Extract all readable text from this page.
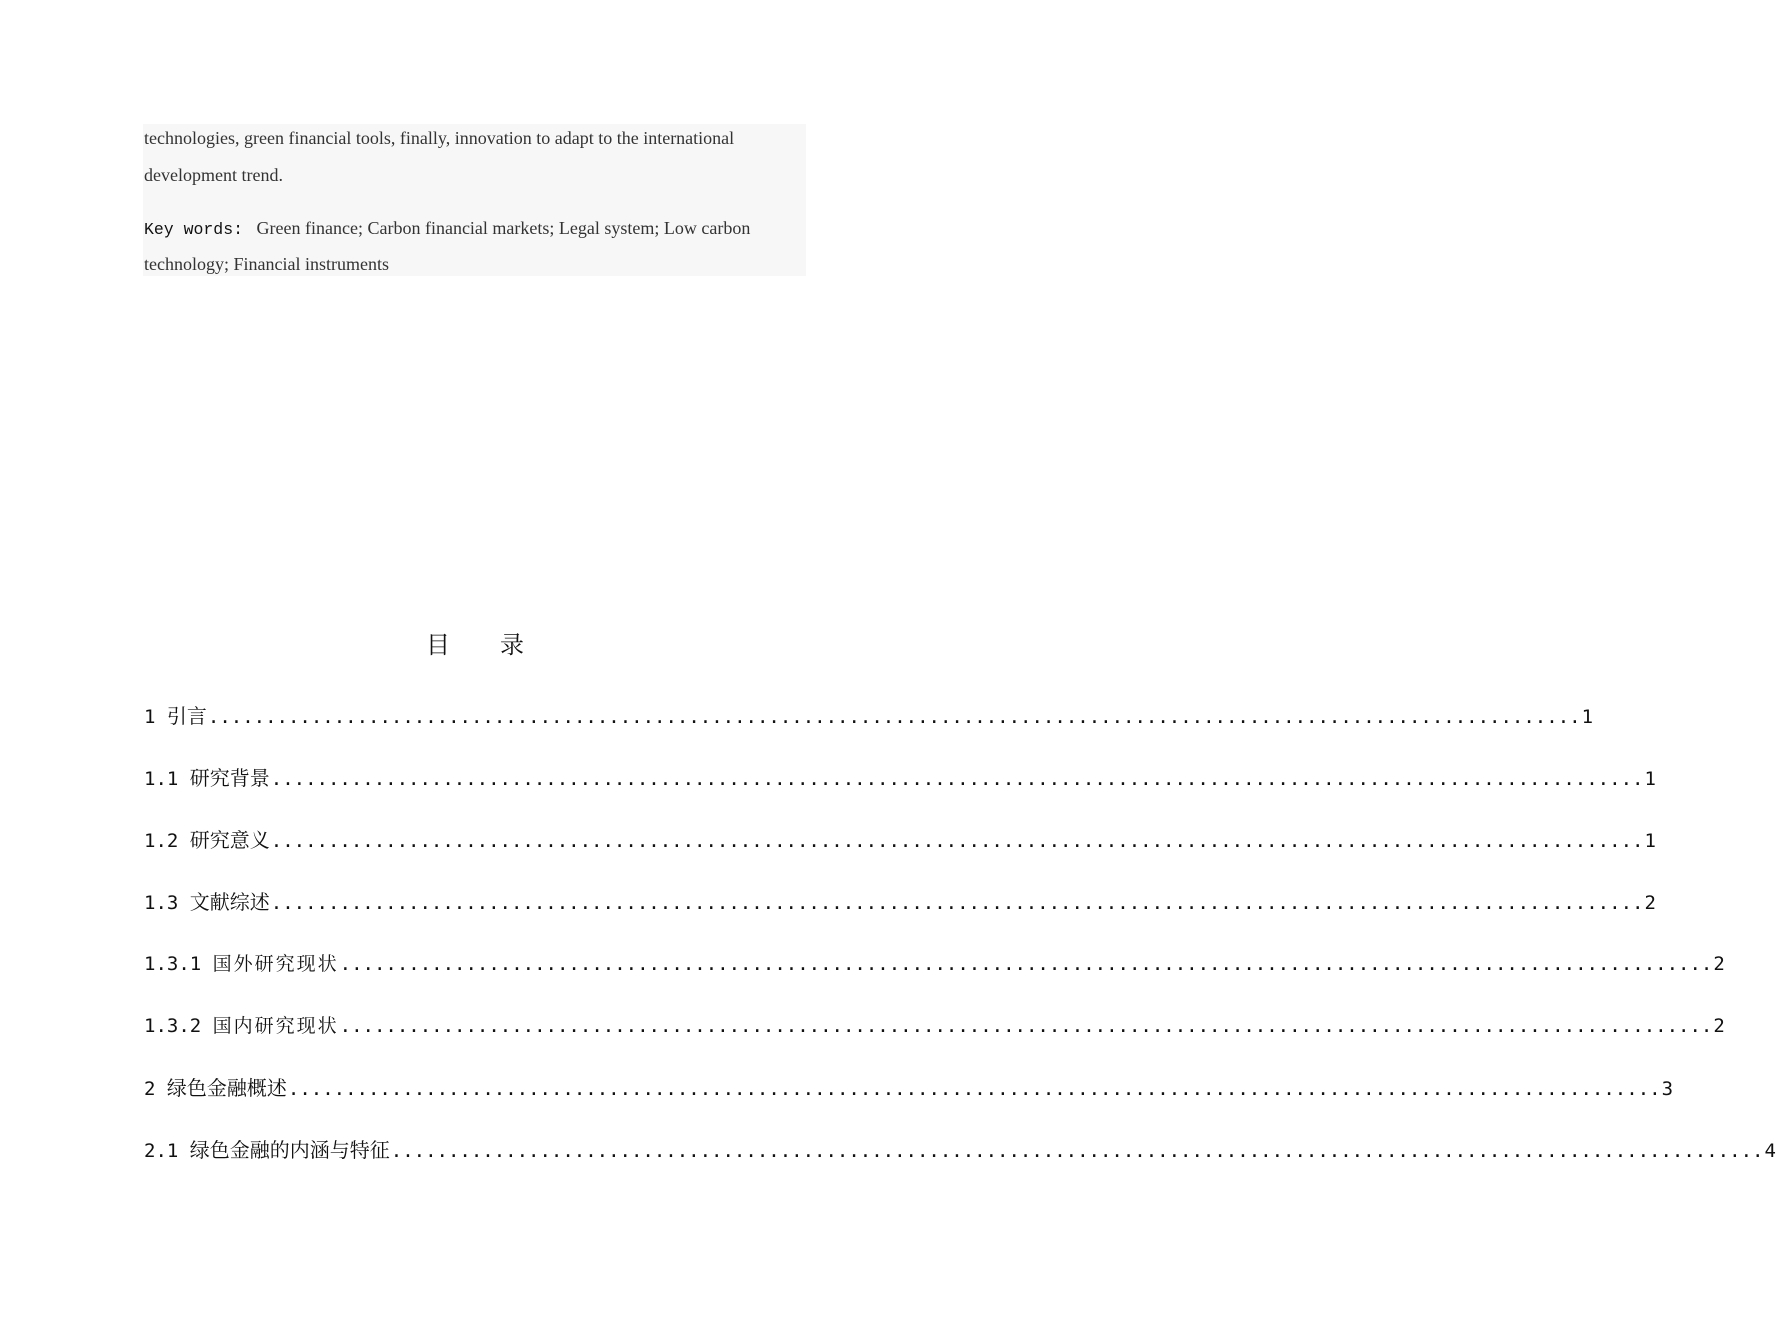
technologies, green financial tools, finally, innovation to adapt to the international
development trend.
Key words: Green finance; Carbon financial markets; Legal system; Low carbon
technology; Financial instruments
目录
1 引言 ........................................................................................................................ 1
1.1 研究背景 ........................................................................................................................ 1
1.2 研究意义 ........................................................................................................................ 1
1.3 文献综述 ........................................................................................................................ 2
1.3.1 国外研究现状 ........................................................................................................................ 2
1.3.2 国内研究现状 ........................................................................................................................ 2
2 绿色金融概述 ........................................................................................................................ 3
2.1 绿色金融的内涵与特征 ........................................................................................................................ 4
